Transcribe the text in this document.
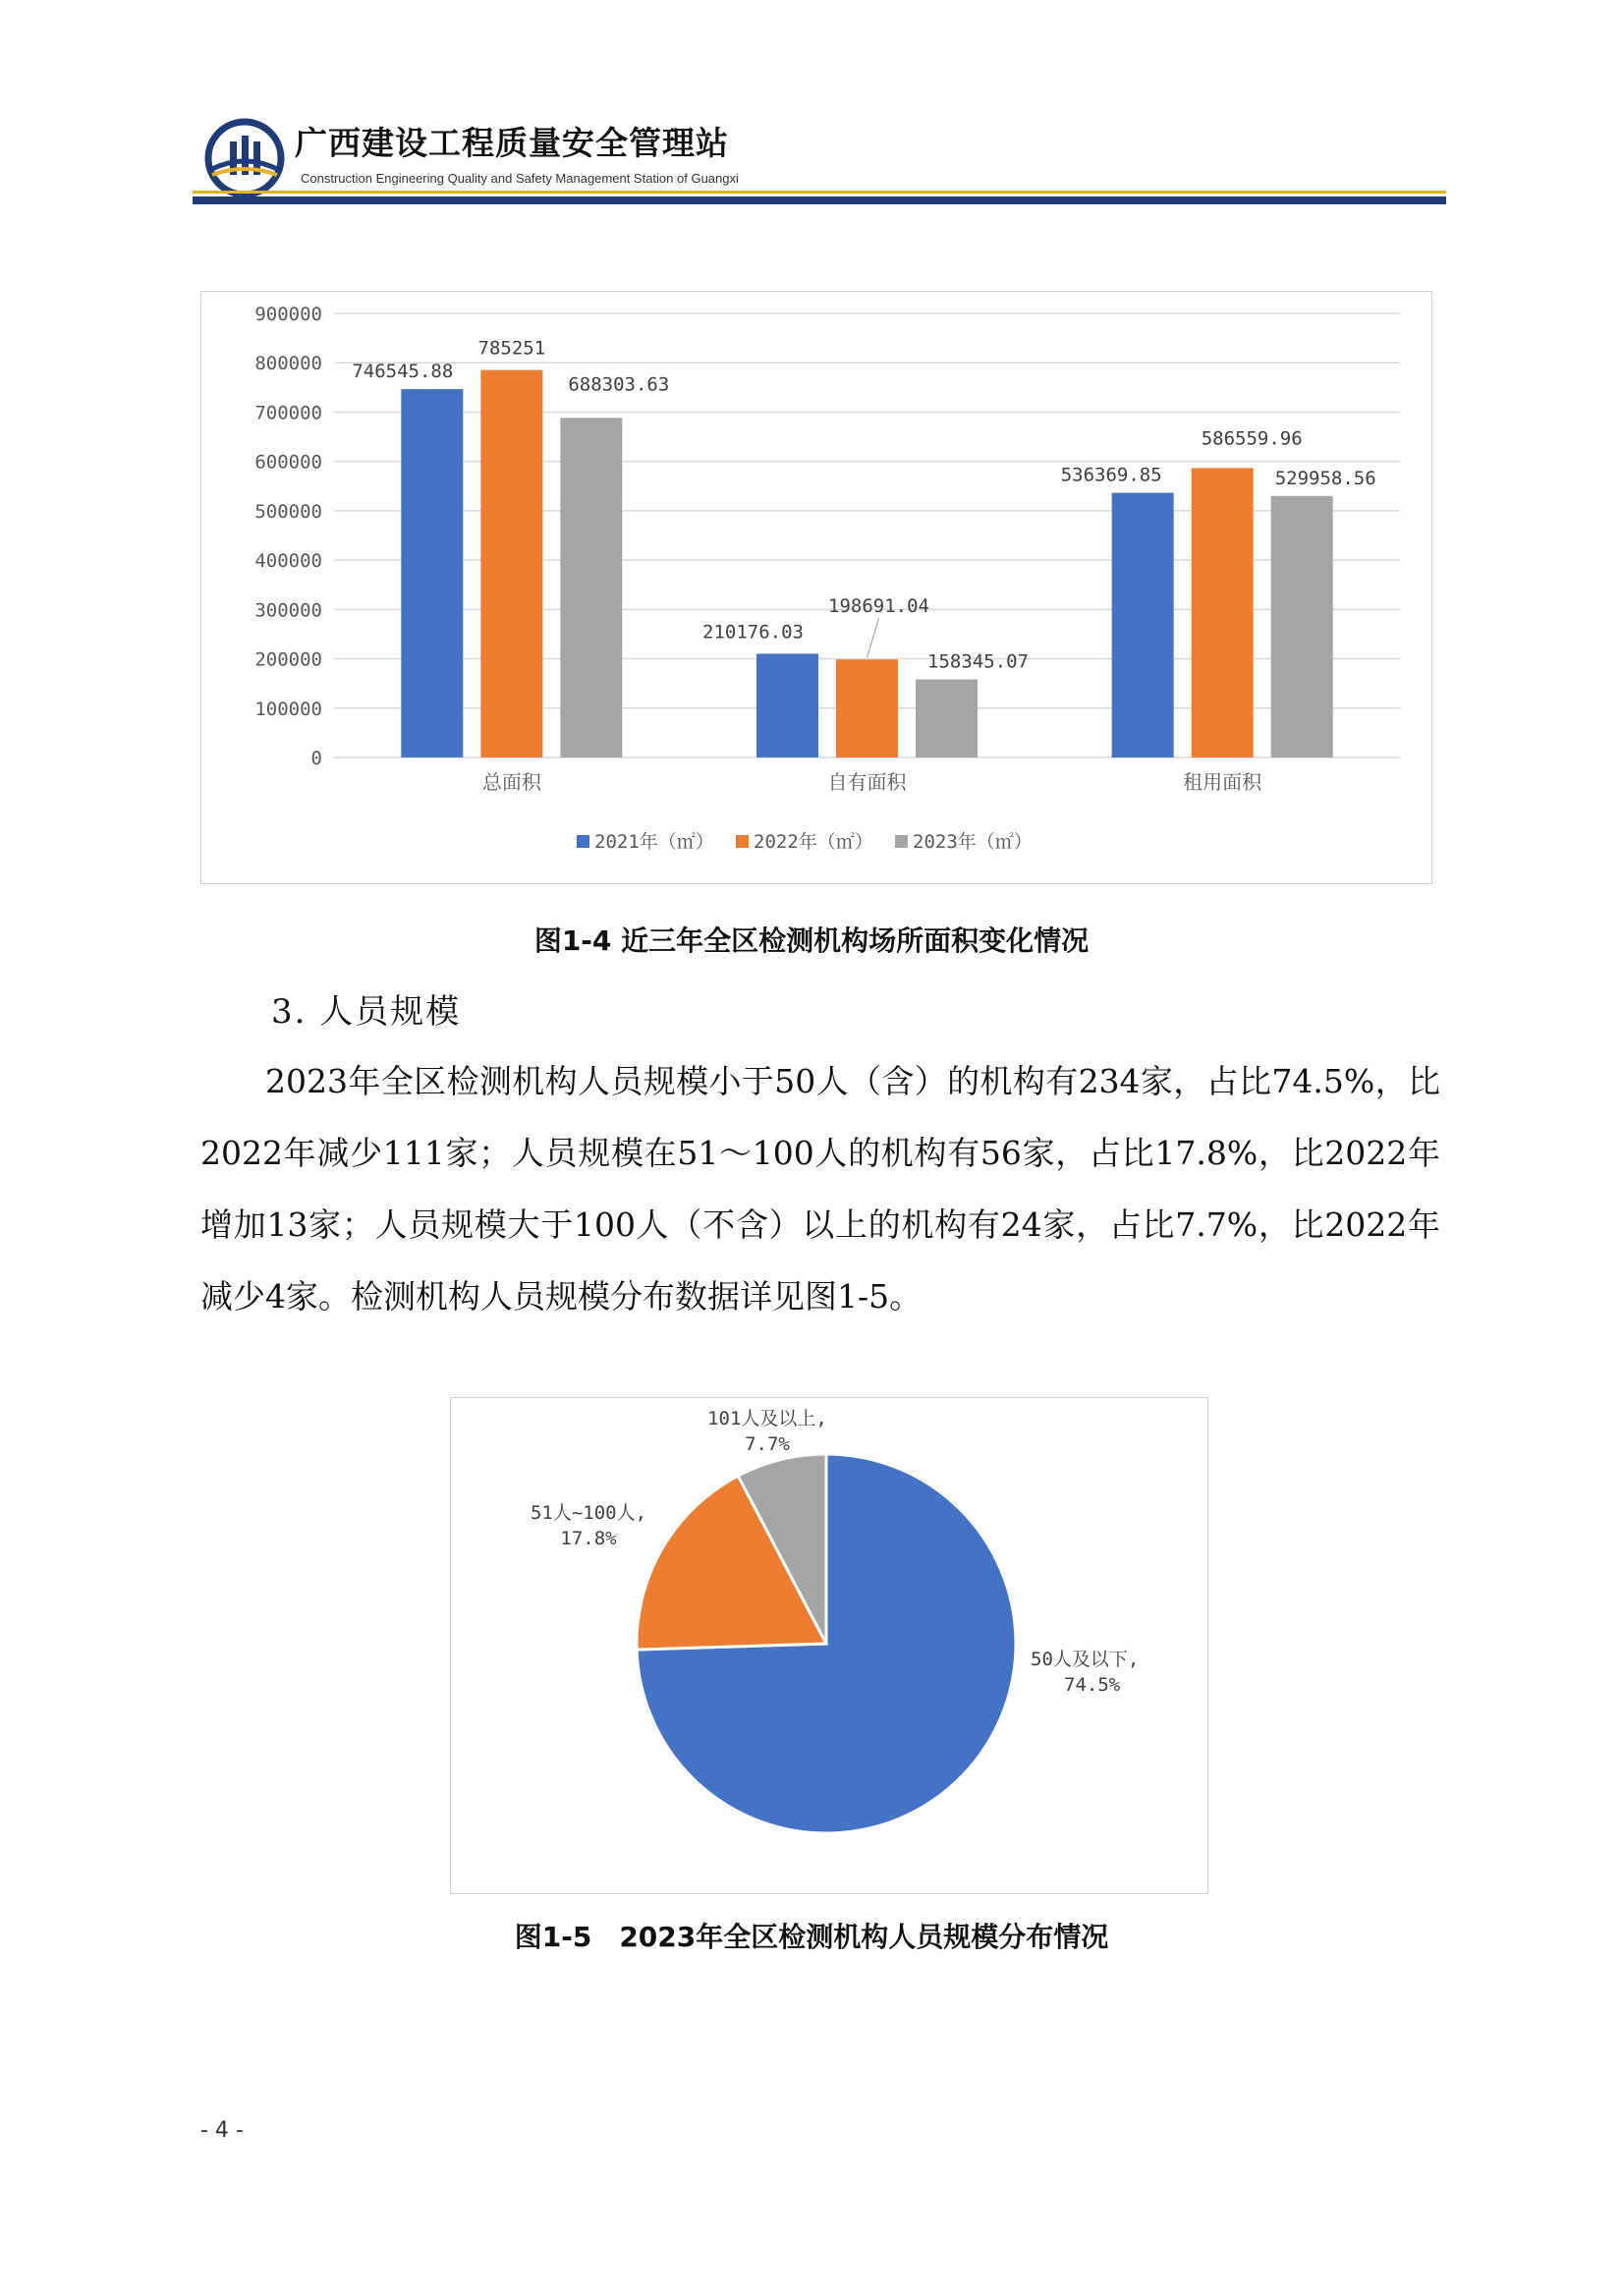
广西建设工程质量安全管理站
Construction Engineering Quality and Safety Management Station of Guangxi
0
100000
200000
300000
400000
500000
600000
700000
800000
900000
746545.88
785251
688303.63
总面积
210176.03
198691.04
158345.07
自有面积
536369.85
586559.96
529958.56
租用面积
2021年（㎡） 2022年（㎡） 2023年（㎡）
图1-4 近三年全区检测机构场所面积变化情况
3. 人员规模

2023年全区检测机构人员规模小于50人（含）的机构有234家，占比74.5%，比2022年减少111家；人员规模在51～100人的机构有56家，占比17.8%，比2022年增加13家；人员规模大于100人（不含）以上的机构有24家，占比7.7%，比2022年减少4家。检测机构人员规模分布数据详见图1-5。

50人及以下,
74.5%
51人~100人,
17.8%
101人及以上,
7.7%
图1-5　2023年全区检测机构人员规模分布情况
- 4 -
